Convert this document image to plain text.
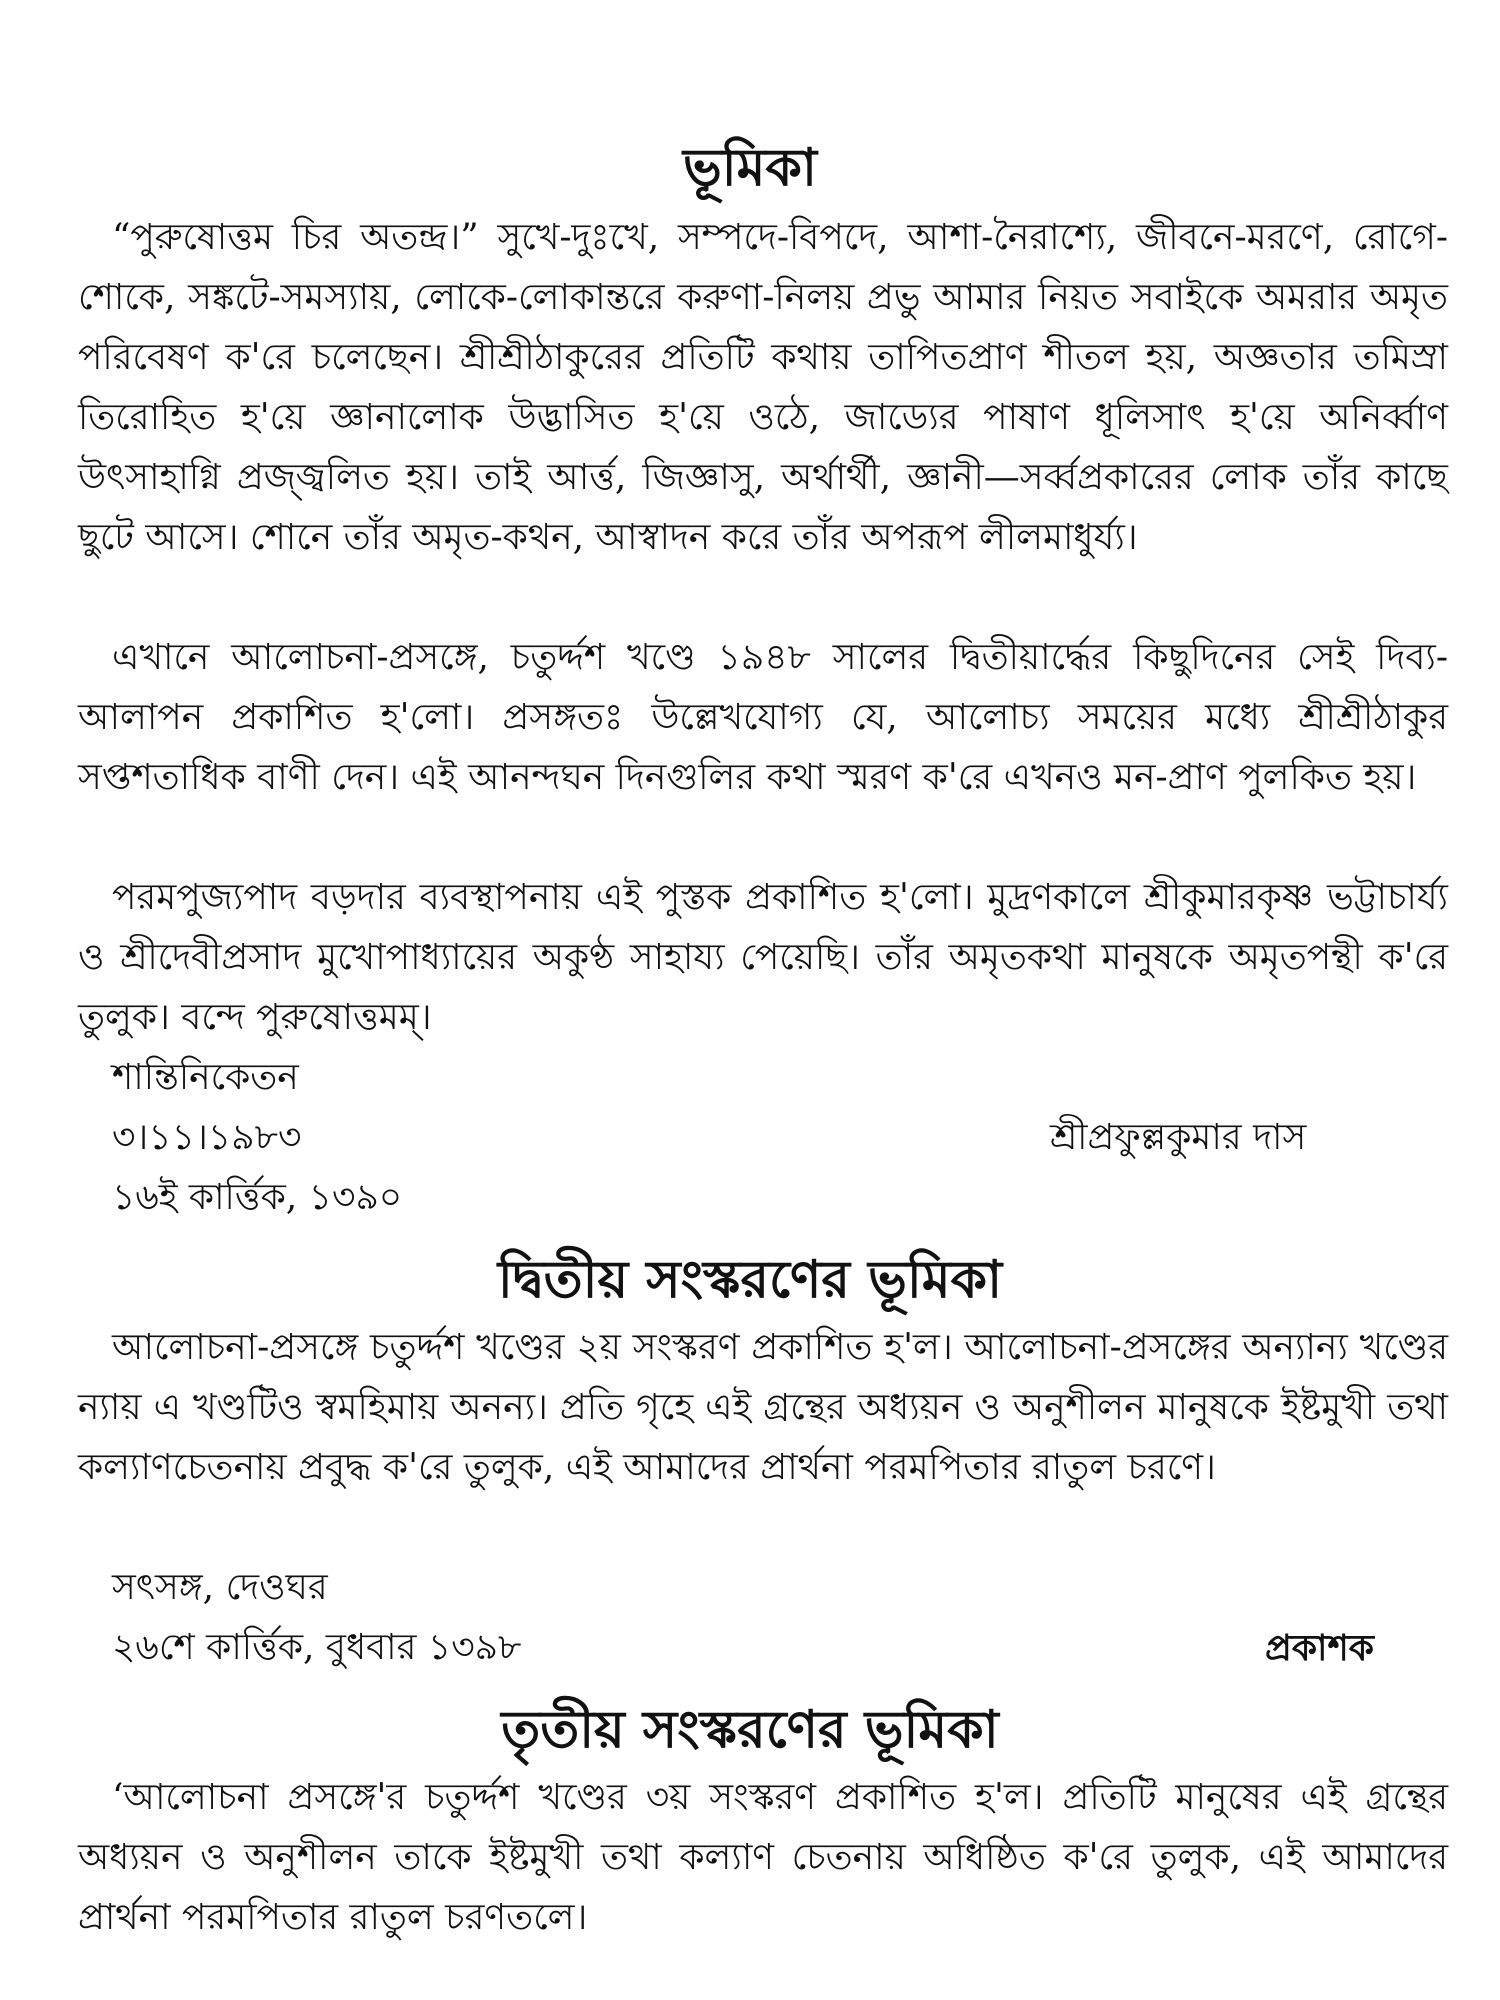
ভূমিকা

“পুরুষোত্তম চির অতন্দ্র।” সুখে-দুঃখে, সম্পদে-বিপদে, আশা-নৈরাশ্যে, জীবনে-মরণে, রোগে-শোকে, সঙ্কটে-সমস্যায়, লোকে-লোকান্তরে করুণা-নিলয় প্রভু আমার নিয়ত সবাইকে অমরার অমৃত পরিবেষণ ক'রে চলেছেন। শ্রীশ্রীঠাকুরের প্রতিটি কথায় তাপিতপ্রাণ শীতল হয়, অজ্ঞতার তমিস্রা তিরোহিত হ'য়ে জ্ঞানালোক উদ্ভাসিত হ'য়ে ওঠে, জাড্যের পাষাণ ধূলিসাৎ হ'য়ে অনির্ব্বাণ উৎসাহাগ্নি প্রজ্জ্বলিত হয়। তাই আর্ত্ত, জিজ্ঞাসু, অর্থার্থী, জ্ঞানী—সর্ব্বপ্রকারের লোক তাঁর কাছে ছুটে আসে। শোনে তাঁর অমৃত-কথন, আস্বাদন করে তাঁর অপরূপ লীলমাধুর্য্য।

এখানে আলোচনা-প্রসঙ্গে, চতুর্দ্দশ খণ্ডে ১৯৪৮ সালের দ্বিতীয়ার্দ্ধের কিছুদিনের সেই দিব্য-আলাপন প্রকাশিত হ'লো। প্রসঙ্গতঃ উল্লেখযোগ্য যে, আলোচ্য সময়ের মধ্যে শ্রীশ্রীঠাকুর সপ্তশতাধিক বাণী দেন। এই আনন্দঘন দিনগুলির কথা স্মরণ ক'রে এখনও মন-প্রাণ পুলকিত হয়।

পরমপুজ্যপাদ বড়দার ব্যবস্থাপনায় এই পুস্তক প্রকাশিত হ'লো। মুদ্রণকালে শ্রীকুমারকৃষ্ণ ভট্টাচার্য্য ও শ্রীদেবীপ্রসাদ মুখোপাধ্যায়ের অকুণ্ঠ সাহায্য পেয়েছি। তাঁর অমৃতকথা মানুষকে অমৃতপন্থী ক'রে তুলুক। বন্দে পুরুষোত্তমম্।

শান্তিনিকেতন

৩।১১।১৯৮৩	শ্রীপ্রফুল্লকুমার দাস

১৬ই কার্ত্তিক, ১৩৯০

দ্বিতীয় সংস্করণের ভূমিকা

আলোচনা-প্রসঙ্গে চতুর্দ্দশ খণ্ডের ২য় সংস্করণ প্রকাশিত হ'ল। আলোচনা-প্রসঙ্গের অন্যান্য খণ্ডের ন্যায় এ খণ্ডটিও স্বমহিমায় অনন্য। প্রতি গৃহে এই গ্রন্থের অধ্যয়ন ও অনুশীলন মানুষকে ইষ্টমুখী তথা কল্যাণচেতনায় প্রবুদ্ধ ক'রে তুলুক, এই আমাদের প্রার্থনা পরমপিতার রাতুল চরণে।

সৎসঙ্গ, দেওঘর

২৬শে কার্ত্তিক, বুধবার ১৩৯৮	প্রকাশক

তৃতীয় সংস্করণের ভূমিকা

‘আলোচনা প্রসঙ্গে'র চতুর্দ্দশ খণ্ডের ৩য় সংস্করণ প্রকাশিত হ'ল। প্রতিটি মানুষের এই গ্রন্থের অধ্যয়ন ও অনুশীলন তাকে ইষ্টমুখী তথা কল্যাণ চেতনায় অধিষ্ঠিত ক'রে তুলুক, এই আমাদের প্রার্থনা পরমপিতার রাতুল চরণতলে।
